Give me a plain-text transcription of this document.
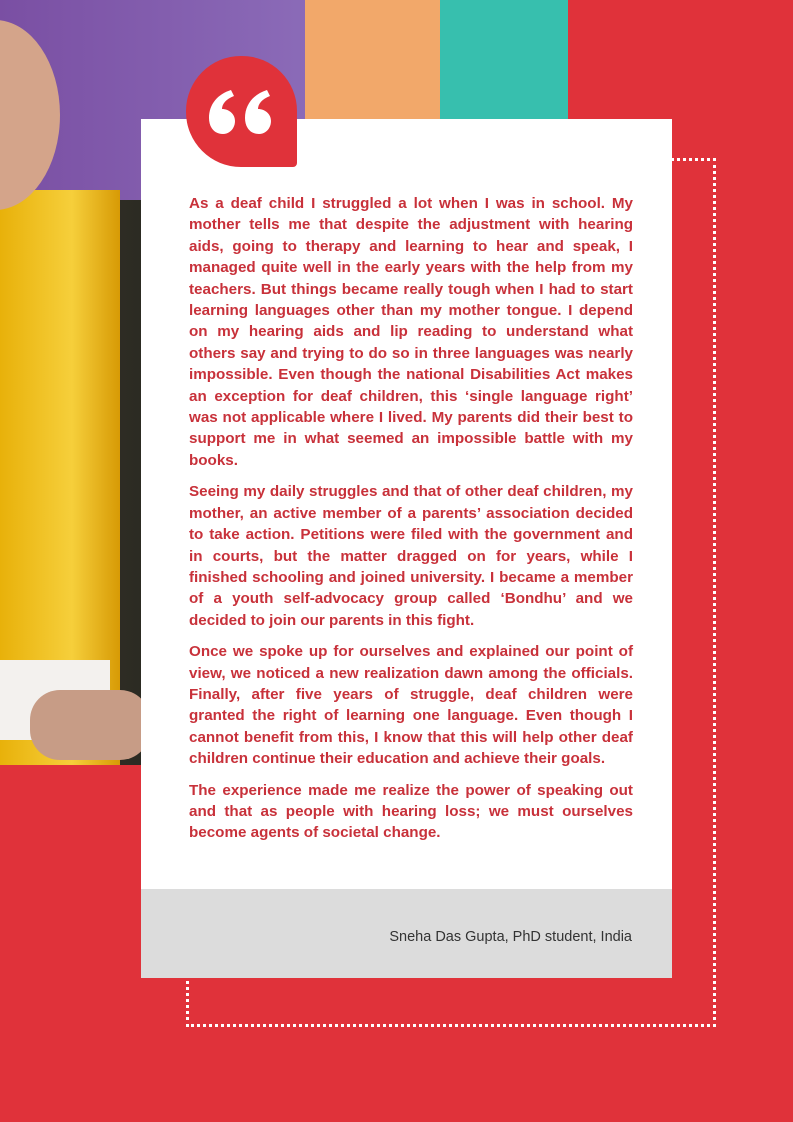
Sneha Das Gupta, PhD student, India

As a deaf child I struggled a lot when I was in school. My mother tells me that despite the adjustment with hearing aids, going to therapy and learning to hear and speak, I managed quite well in the early years with the help from my teachers. But things became really tough when I had to start learning languages other than my mother tongue. I depend on my hearing aids and lip reading to understand what others say and trying to do so in three languages was nearly impossible. Even though the national Disabilities Act makes an exception for deaf children, this ‘single language right’ was not applicable where I lived. My parents did their best to support me in what seemed an impossible battle with my books.

Seeing my daily struggles and that of other deaf children, my mother, an active member of a parents’ association decided to take action. Petitions were filed with the government and in courts, but the matter dragged on for years, while I finished schooling and joined university. I became a member of a youth self-advocacy group called ‘Bondhu’ and we decided to join our parents in this fight.

Once we spoke up for ourselves and explained our point of view, we noticed a new realization dawn among the officials. Finally, after five years of struggle, deaf children were granted the right of learning one language. Even though I cannot benefit from this, I know that this will help other deaf children continue their education and achieve their goals.

The experience made me realize the power of speaking out and that as people with hearing loss; we must ourselves become agents of societal change.
